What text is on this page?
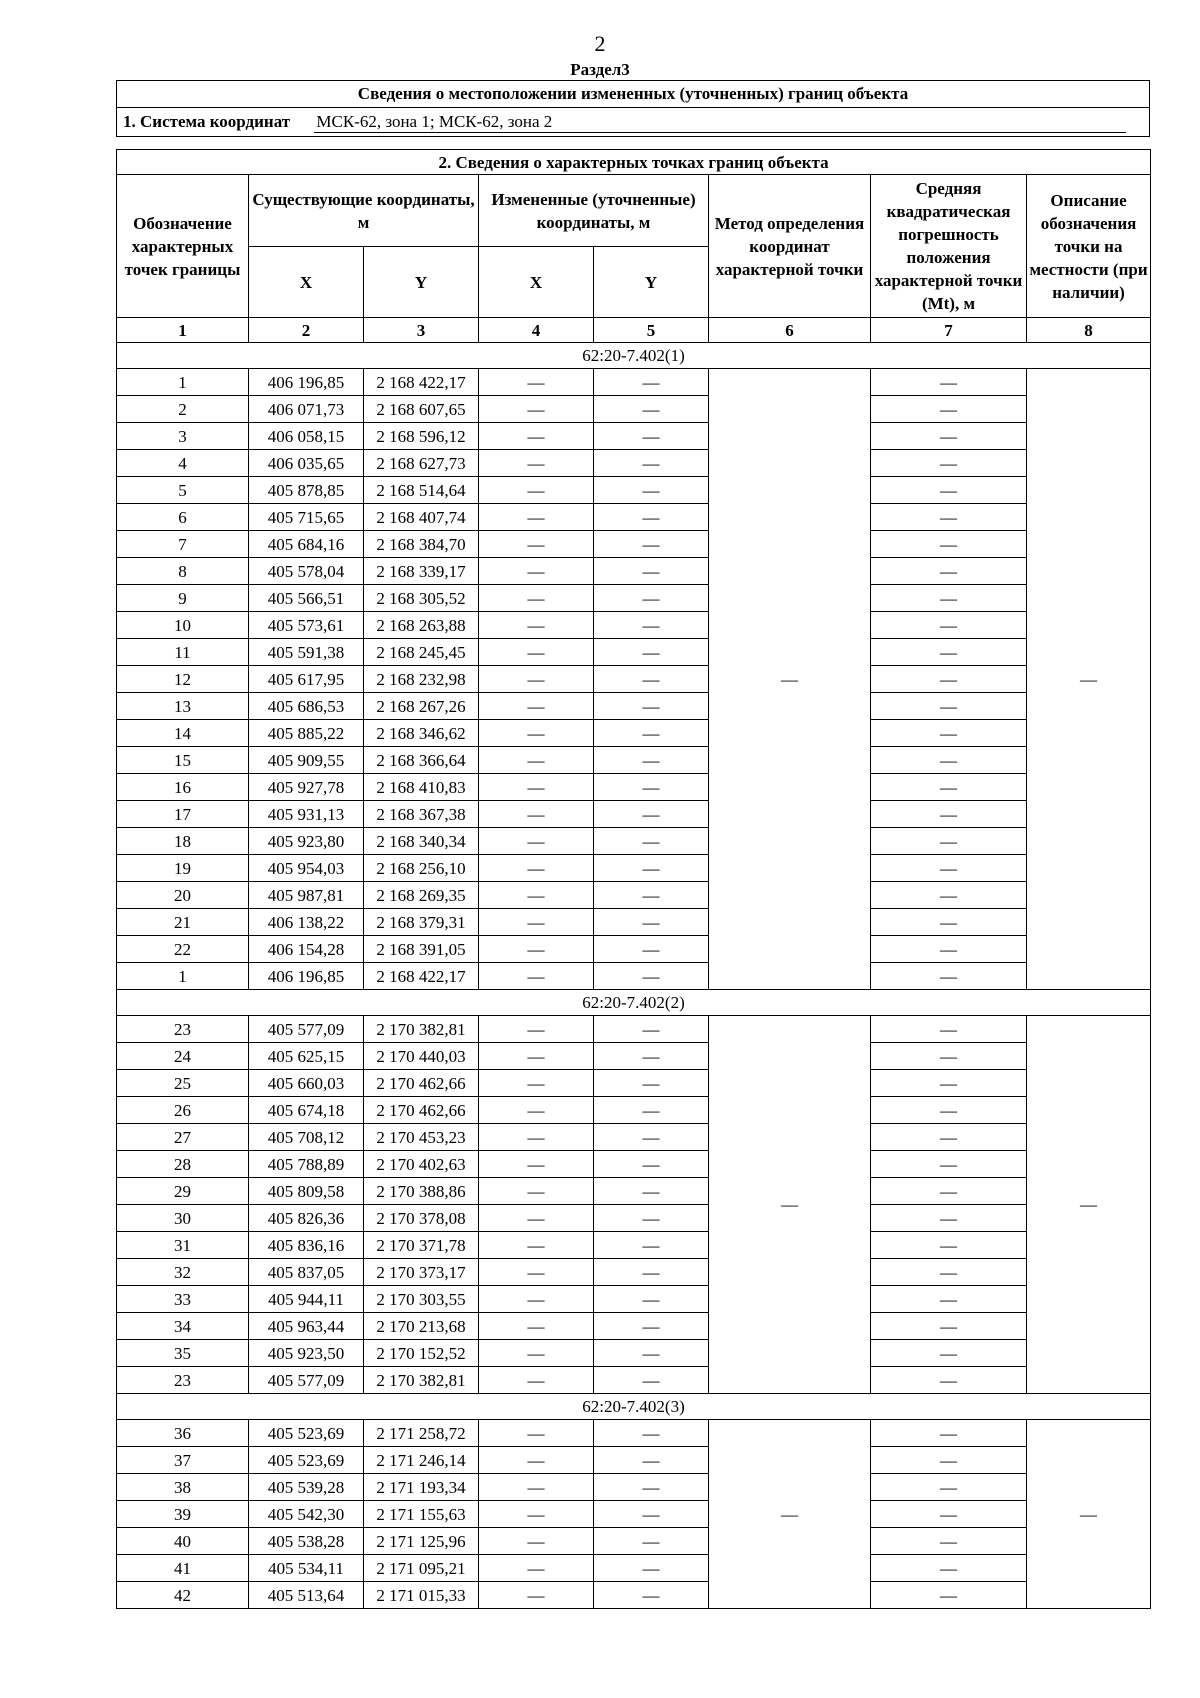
2
Раздел3
Сведения о местоположении измененных (уточненных) границ объекта
1. Система координат МСК-62, зона 1; МСК-62, зона 2
2. Сведения о характерных точках границ объекта							
Обозначение характерных точек границы	Существующие координаты, м		Измененные (уточненные) координаты, м		Метод определения координат характерной точки	Средняя квадратическая погрешность положения характерной точки (Mt), м	Описание обозначения точки на местности (при наличии)
	X	Y	X	Y			
1	2	3	4	5	6	7	8
62:20-7.402(1)							
1	406 196,85	2 168 422,17	—	—	—	—	—
2	406 071,73	2 168 607,65	—	—		—	
3	406 058,15	2 168 596,12	—	—		—	
4	406 035,65	2 168 627,73	—	—		—	
5	405 878,85	2 168 514,64	—	—		—	
6	405 715,65	2 168 407,74	—	—		—	
7	405 684,16	2 168 384,70	—	—		—	
8	405 578,04	2 168 339,17	—	—		—	
9	405 566,51	2 168 305,52	—	—		—	
10	405 573,61	2 168 263,88	—	—		—	
11	405 591,38	2 168 245,45	—	—		—	
12	405 617,95	2 168 232,98	—	—		—	
13	405 686,53	2 168 267,26	—	—		—	
14	405 885,22	2 168 346,62	—	—		—	
15	405 909,55	2 168 366,64	—	—		—	
16	405 927,78	2 168 410,83	—	—		—	
17	405 931,13	2 168 367,38	—	—		—	
18	405 923,80	2 168 340,34	—	—		—	
19	405 954,03	2 168 256,10	—	—		—	
20	405 987,81	2 168 269,35	—	—		—	
21	406 138,22	2 168 379,31	—	—		—	
22	406 154,28	2 168 391,05	—	—		—	
1	406 196,85	2 168 422,17	—	—		—	
62:20-7.402(2)							
23	405 577,09	2 170 382,81	—	—	—	—	—
24	405 625,15	2 170 440,03	—	—		—	
25	405 660,03	2 170 462,66	—	—		—	
26	405 674,18	2 170 462,66	—	—		—	
27	405 708,12	2 170 453,23	—	—		—	
28	405 788,89	2 170 402,63	—	—		—	
29	405 809,58	2 170 388,86	—	—		—	
30	405 826,36	2 170 378,08	—	—		—	
31	405 836,16	2 170 371,78	—	—		—	
32	405 837,05	2 170 373,17	—	—		—	
33	405 944,11	2 170 303,55	—	—		—	
34	405 963,44	2 170 213,68	—	—		—	
35	405 923,50	2 170 152,52	—	—		—	
23	405 577,09	2 170 382,81	—	—		—	
62:20-7.402(3)							
36	405 523,69	2 171 258,72	—	—	—	—	—
37	405 523,69	2 171 246,14	—	—		—	
38	405 539,28	2 171 193,34	—	—		—	
39	405 542,30	2 171 155,63	—	—		—	
40	405 538,28	2 171 125,96	—	—		—	
41	405 534,11	2 171 095,21	—	—		—	
42	405 513,64	2 171 015,33	—	—		—	
